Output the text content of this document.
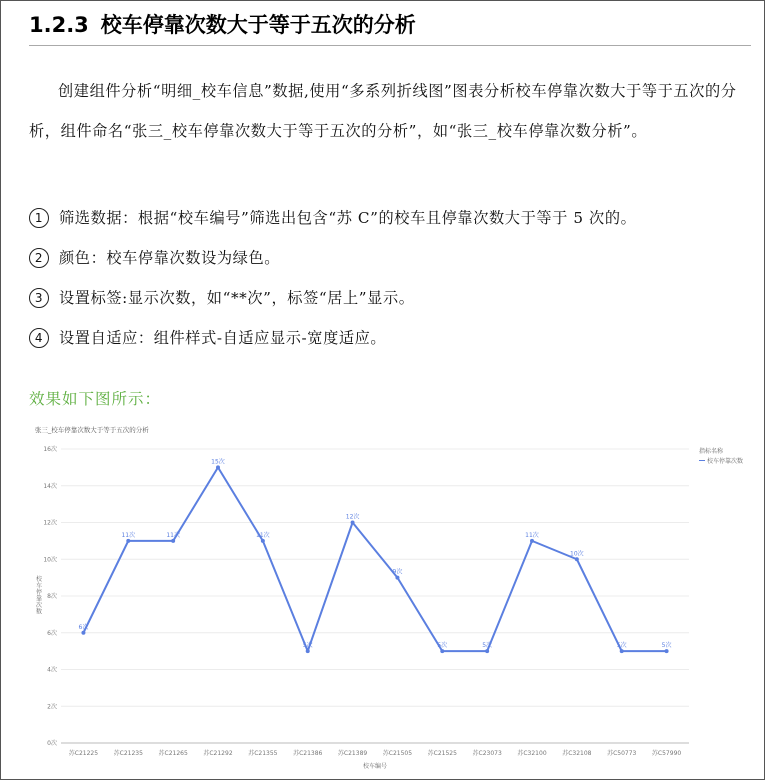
1.2.3 校车停靠次数大于等于五次的分析
创建组件分析“明细_校车信息”数据,使用“多系列折线图”图表分析校车停靠次数大于等于五次的分析，组件命名“张三_校车停靠次数大于等于五次的分析”，如“张三_校车停靠次数分析”。
1 筛选数据：根据“校车编号”筛选出包含“苏 C”的校车且停靠次数大于等于 5 次的。
2 颜色：校车停靠次数设为绿色。
3 设置标签:显示次数，如“**次”，标签“居上”显示。
4 设置自适应：组件样式-自适应显示-宽度适应。
效果如下图所示：
0次
2次
4次
6次
8次
10次
12次
14次
16次
苏C21225	苏C21235	苏C21265	苏C21292	苏C21355	苏C21386	苏C21389	苏C21505	苏C21525	苏C23073	苏C32100	苏C32108	苏C50773	苏C57990
校车编号
校车停靠次数
6次
11次	11次
15次
11次
5次
12次
9次
5次	5次
11次
10次
5次	5次
张三_校车停靠次数大于等于五次的分析
指标名称
校车停靠次数
